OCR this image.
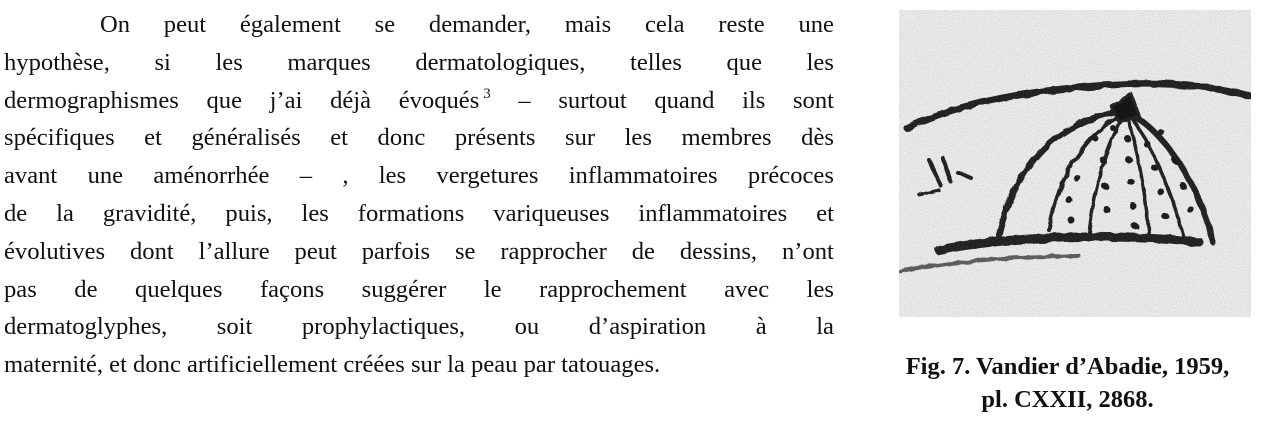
On peut également se demander, mais cela reste une
hypothèse, si les marques dermatologiques, telles que les
dermographismes que j’ai déjà évoqués $^3$ – surtout quand ils sont
spécifiques et généralisés et donc présents sur les membres dès
avant une aménorrhée – , les vergetures inflammatoires précoces
de la gravidité, puis, les formations variqueuses inflammatoires et
évolutives dont l’allure peut parfois se rapprocher de dessins, n’ont
pas de quelques façons suggérer le rapprochement avec les
dermatoglyphes, soit prophylactiques, ou d’aspiration à la
maternité, et donc artificiellement créées sur la peau par tatouages.	Fig. 7. Vandier d’Abadie, 1959,
pl. CXXII, 2868.
